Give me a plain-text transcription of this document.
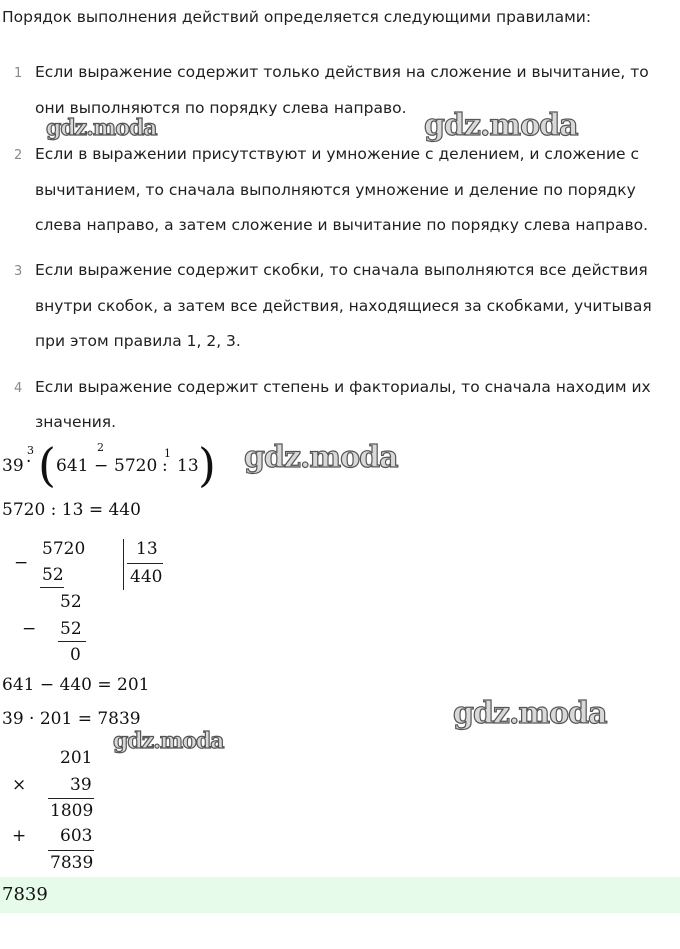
Порядок выполнения действий определяется следующими правилами:
1 Если выражение содержит только действия на сложение и вычитание, то
они выполняются по порядку слева направо.
2 Если в выражении присутствуют и умножение с делением, и сложение с
вычитанием, то сначала выполняются умножение и деление по порядку
слева направо, а затем сложение и вычитание по порядку слева направо.
3 Если выражение содержит скобки, то сначала выполняются все действия
внутри скобок, а затем все действия, находящиеся за скобками, учитывая
при этом правила 1, 2, 3.
4 Если выражение содержит степень и факториалы, то сначала находим их
значения.
gdz.moda	gdz.moda
gdz.moda
gdz.moda
gdz.moda
39
3
· ( 641
2
− 5720
1
: 13 )
5720 : 13 = 440
−
5720
52
13
440
52
− 52
0
641 − 440 = 201
39 · 201 = 7839
201
×	39
1809
+ 603
7839
7839
